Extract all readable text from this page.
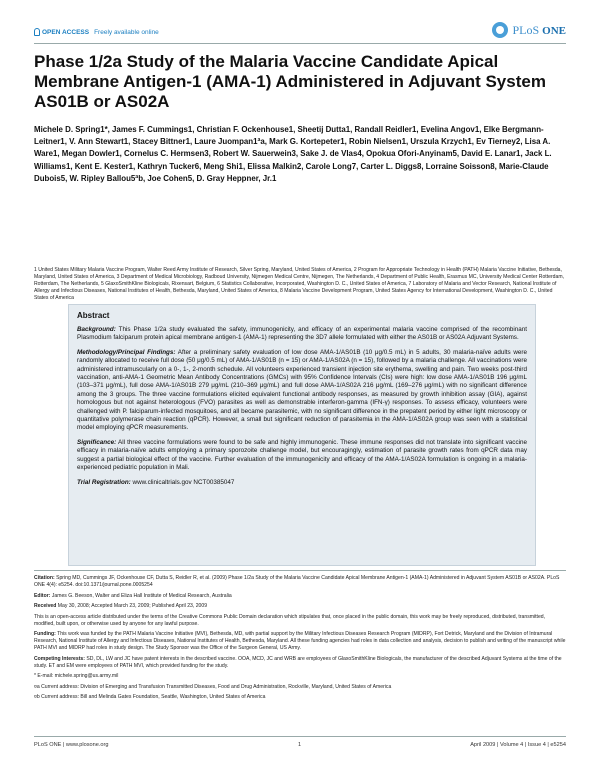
OPEN ACCESS Freely available online	PLoS ONE
Phase 1/2a Study of the Malaria Vaccine Candidate Apical Membrane Antigen-1 (AMA-1) Administered in Adjuvant System AS01B or AS02A

Michele D. Spring1*, James F. Cummings1, Christian F. Ockenhouse1, Sheetij Dutta1, Randall Reidler1, Evelina Angov1, Elke Bergmann-Leitner1, V. Ann Stewart1, Stacey Bittner1, Laure Juompan1ªa, Mark G. Kortepeter1, Robin Nielsen1, Urszula Krzych1, Ev Tierney2, Lisa A. Ware1, Megan Dowler1, Cornelus C. Hermsen3, Robert W. Sauerwein3, Sake J. de Vlas4, Opokua Ofori-Anyinam5, David E. Lanar1, Jack L. Williams1, Kent E. Kester1, Kathryn Tucker6, Meng Shi1, Elissa Malkin2, Carole Long7, Carter L. Diggs8, Lorraine Soisson8, Marie-Claude Dubois5, W. Ripley Ballou5ªb, Joe Cohen5, D. Gray Heppner, Jr.1

1 United States Military Malaria Vaccine Program, Walter Reed Army Institute of Research, Silver Spring, Maryland, United States of America, 2 Program for Appropriate Technology in Health (PATH) Malaria Vaccine Initiative, Bethesda, Maryland, United States of America, 3 Department of Medical Microbiology, Radboud University, Nijmegen Medical Centre, Nijmegen, The Netherlands, 4 Department of Public Health, Erasmus MC, University Medical Center Rotterdam, Rotterdam, The Netherlands, 5 GlaxoSmithKline Biologicals, Rixensart, Belgium, 6 Statistics Collaborative, Incorporated, Washington D. C., United States of America, 7 Laboratory of Malaria and Vector Research, National Institute of Allergy and Infectious Diseases, National Institutes of Health, Bethesda, Maryland, United States of America, 8 Malaria Vaccine Development Program, United States Agency for International Development, Washington D. C., United States of America

Abstract

Background: This Phase 1/2a study evaluated the safety, immunogenicity, and efficacy of an experimental malaria vaccine comprised of the recombinant Plasmodium falciparum protein apical membrane antigen-1 (AMA-1) representing the 3D7 allele formulated with either the AS01B or AS02A Adjuvant Systems.

Methodology/Principal Findings: After a preliminary safety evaluation of low dose AMA-1/AS01B (10 μg/0.5 mL) in 5 adults, 30 malaria-naïve adults were randomly allocated to receive full dose (50 μg/0.5 mL) of AMA-1/AS01B (n = 15) or AMA-1/AS02A (n = 15), followed by a malaria challenge. All vaccinations were administered intramuscularly on a 0-, 1-, 2-month schedule. All volunteers experienced transient injection site erythema, swelling and pain. Two weeks post-third vaccination, anti-AMA-1 Geometric Mean Antibody Concentrations (GMCs) with 95% Confidence Intervals (CIs) were high: low dose AMA-1/AS01B 196 μg/mL (103–371 μg/mL), full dose AMA-1/AS01B 279 μg/mL (210–369 μg/mL) and full dose AMA-1/AS02A 216 μg/mL (169–276 μg/mL) with no significant difference among the 3 groups. The three vaccine formulations elicited equivalent functional antibody responses, as measured by growth inhibition assay (GIA), against homologous but not against heterologous (FVO) parasites as well as demonstrable interferon-gamma (IFN-γ) responses. To assess efficacy, volunteers were challenged with P. falciparum-infected mosquitoes, and all became parasitemic, with no significant difference in the prepatent period by either light microscopy or quantitative polymerase chain reaction (qPCR). However, a small but significant reduction of parasitemia in the AMA-1/AS02A group was seen with a statistical model employing qPCR measurements.

Significance: All three vaccine formulations were found to be safe and highly immunogenic. These immune responses did not translate into significant vaccine efficacy in malaria-naïve adults employing a primary sporozoite challenge model, but encouragingly, estimation of parasite growth rates from qPCR data may suggest a partial biological effect of the vaccine. Further evaluation of the immunogenicity and efficacy of the AMA-1/AS02A formulation is ongoing in a malaria-experienced pediatric population in Mali.

Trial Registration: www.clinicaltrials.gov NCT00385047

Citation: Spring MD, Cummings JF, Ockenhouse CF, Dutta S, Reidler R, et al. (2009) Phase 1/2a Study of the Malaria Vaccine Candidate Apical Membrane Antigen-1 (AMA-1) Administered in Adjuvant System AS01B or AS02A. PLoS ONE 4(4): e5254. doi:10.1371/journal.pone.0005254

Editor: James G. Beeson, Walter and Eliza Hall Institute of Medical Research, Australia

Received May 30, 2008; Accepted March 23, 2009; Published April 23, 2009

This is an open-access article distributed under the terms of the Creative Commons Public Domain declaration which stipulates that, once placed in the public domain, this work may be freely reproduced, distributed, transmitted, modified, built upon, or otherwise used by anyone for any lawful purpose.

Funding: This work was funded by the PATH Malaria Vaccine Initiative (MVI), Bethesda, MD, with partial support by the Military Infectious Diseases Research Program (MIDRP), Fort Detrick, Maryland and the Division of Intramural Research, National Institute of Allergy and Infectious Diseases, National Institutes of Health, Bethesda, Maryland. All these funding agencies had roles in data collection and analysis, decision to publish and writing of the manuscript while PATH MVI and MIDRP had roles in study design. The Study Sponsor was the Office of the Surgeon General, US Army.

Competing Interests: SD, DL, LW and JC have patent interests in the described vaccine. OOA, MCD, JC and WRB are employees of GlaxoSmithKline Biologicals, the manufacturer of the described Adjuvant Systems at the time of the study. ET and EM were employees of PATH MVI, which provided funding for the study.

* E-mail: michele.spring@us.army.mil

¤a Current address: Division of Emerging and Transfusion Transmitted Diseases, Food and Drug Administration, Rockville, Maryland, United States of America

¤b Current address: Bill and Melinda Gates Foundation, Seattle, Washington, United States of America

PLoS ONE | www.plosone.org	1	April 2009 | Volume 4 | Issue 4 | e5254
